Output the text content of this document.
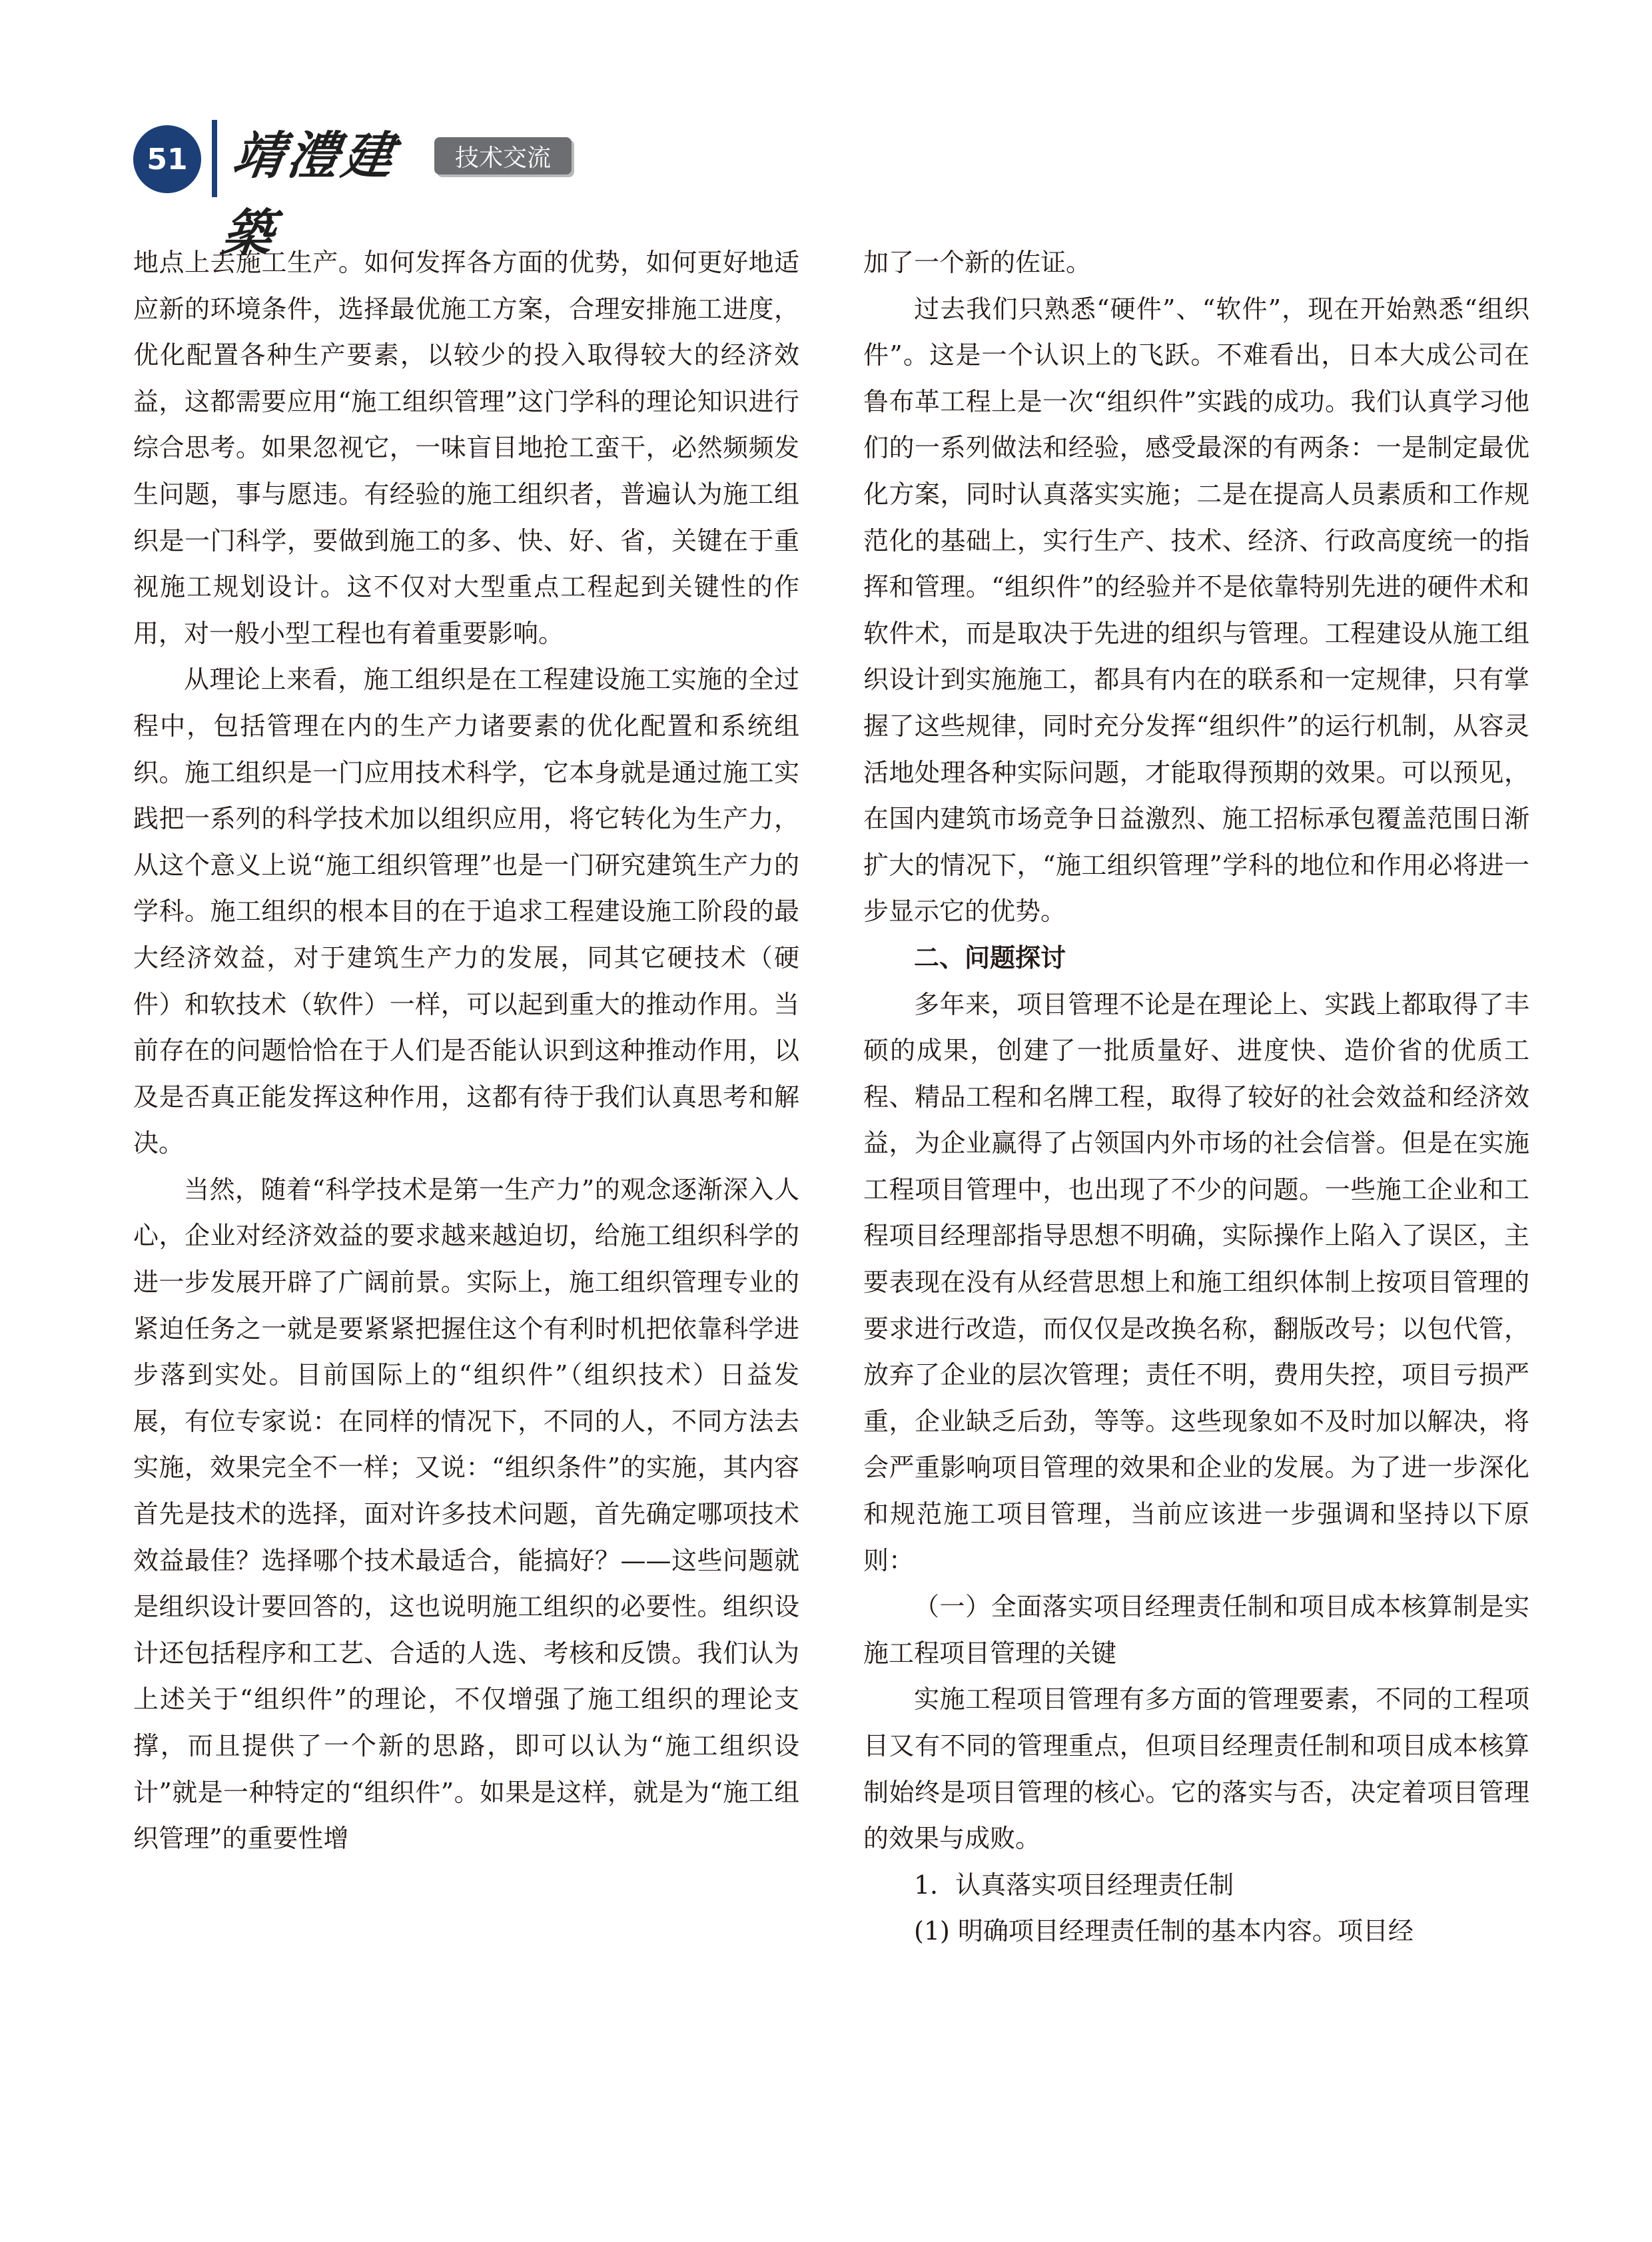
51 靖澧建築
技术交流

地点上去施工生产。如何发挥各方面的优势，如何更好地适应新的环境条件，选择最优施工方案，合理安排施工进度，优化配置各种生产要素，以较少的投入取得较大的经济效益，这都需要应用“施工组织管理”这门学科的理论知识进行综合思考。如果忽视它，一味盲目地抢工蛮干，必然频频发生问题，事与愿违。有经验的施工组织者，普遍认为施工组织是一门科学，要做到施工的多、快、好、省，关键在于重视施工规划设计。这不仅对大型重点工程起到关键性的作用，对一般小型工程也有着重要影响。

从理论上来看，施工组织是在工程建设施工实施的全过程中，包括管理在内的生产力诸要素的优化配置和系统组织。施工组织是一门应用技术科学，它本身就是通过施工实践把一系列的科学技术加以组织应用，将它转化为生产力，从这个意义上说“施工组织管理”也是一门研究建筑生产力的学科。施工组织的根本目的在于追求工程建设施工阶段的最大经济效益，对于建筑生产力的发展，同其它硬技术（硬件）和软技术（软件）一样，可以起到重大的推动作用。当前存在的问题恰恰在于人们是否能认识到这种推动作用，以及是否真正能发挥这种作用，这都有待于我们认真思考和解决。

当然，随着“科学技术是第一生产力”的观念逐渐深入人心，企业对经济效益的要求越来越迫切，给施工组织科学的进一步发展开辟了广阔前景。实际上，施工组织管理专业的紧迫任务之一就是要紧紧把握住这个有利时机把依靠科学进步落到实处。目前国际上的“组织件”（组织技术）日益发展，有位专家说：在同样的情况下，不同的人，不同方法去实施，效果完全不一样；又说：“组织条件”的实施，其内容首先是技术的选择，面对许多技术问题，首先确定哪项技术效益最佳？选择哪个技术最适合，能搞好？——这些问题就是组织设计要回答的，这也说明施工组织的必要性。组织设计还包括程序和工艺、合适的人选、考核和反馈。我们认为上述关于“组织件”的理论，不仅增强了施工组织的理论支撑，而且提供了一个新的思路，即可以认为“施工组织设计”就是一种特定的“组织件”。如果是这样，就是为“施工组织管理”的重要性增

加了一个新的佐证。

过去我们只熟悉“硬件”、“软件”，现在开始熟悉“组织件”。这是一个认识上的飞跃。不难看出，日本大成公司在鲁布革工程上是一次“组织件”实践的成功。我们认真学习他们的一系列做法和经验，感受最深的有两条：一是制定最优化方案，同时认真落实实施；二是在提高人员素质和工作规范化的基础上，实行生产、技术、经济、行政高度统一的指挥和管理。“组织件”的经验并不是依靠特别先进的硬件术和软件术，而是取决于先进的组织与管理。工程建设从施工组织设计到实施施工，都具有内在的联系和一定规律，只有掌握了这些规律，同时充分发挥“组织件”的运行机制，从容灵活地处理各种实际问题，才能取得预期的效果。可以预见，在国内建筑市场竞争日益激烈、施工招标承包覆盖范围日渐扩大的情况下，“施工组织管理”学科的地位和作用必将进一步显示它的优势。

二、问题探讨

多年来，项目管理不论是在理论上、实践上都取得了丰硕的成果，创建了一批质量好、进度快、造价省的优质工程、精品工程和名牌工程，取得了较好的社会效益和经济效益，为企业赢得了占领国内外市场的社会信誉。但是在实施工程项目管理中，也出现了不少的问题。一些施工企业和工程项目经理部指导思想不明确，实际操作上陷入了误区，主要表现在没有从经营思想上和施工组织体制上按项目管理的要求进行改造，而仅仅是改换名称，翻版改号；以包代管，放弃了企业的层次管理；责任不明，费用失控，项目亏损严重，企业缺乏后劲，等等。这些现象如不及时加以解决，将会严重影响项目管理的效果和企业的发展。为了进一步深化和规范施工项目管理，当前应该进一步强调和坚持以下原则：

（一）全面落实项目经理责任制和项目成本核算制是实施工程项目管理的关键

实施工程项目管理有多方面的管理要素，不同的工程项目又有不同的管理重点，但项目经理责任制和项目成本核算制始终是项目管理的核心。它的落实与否，决定着项目管理的效果与成败。

1．认真落实项目经理责任制

(1) 明确项目经理责任制的基本内容。项目经
